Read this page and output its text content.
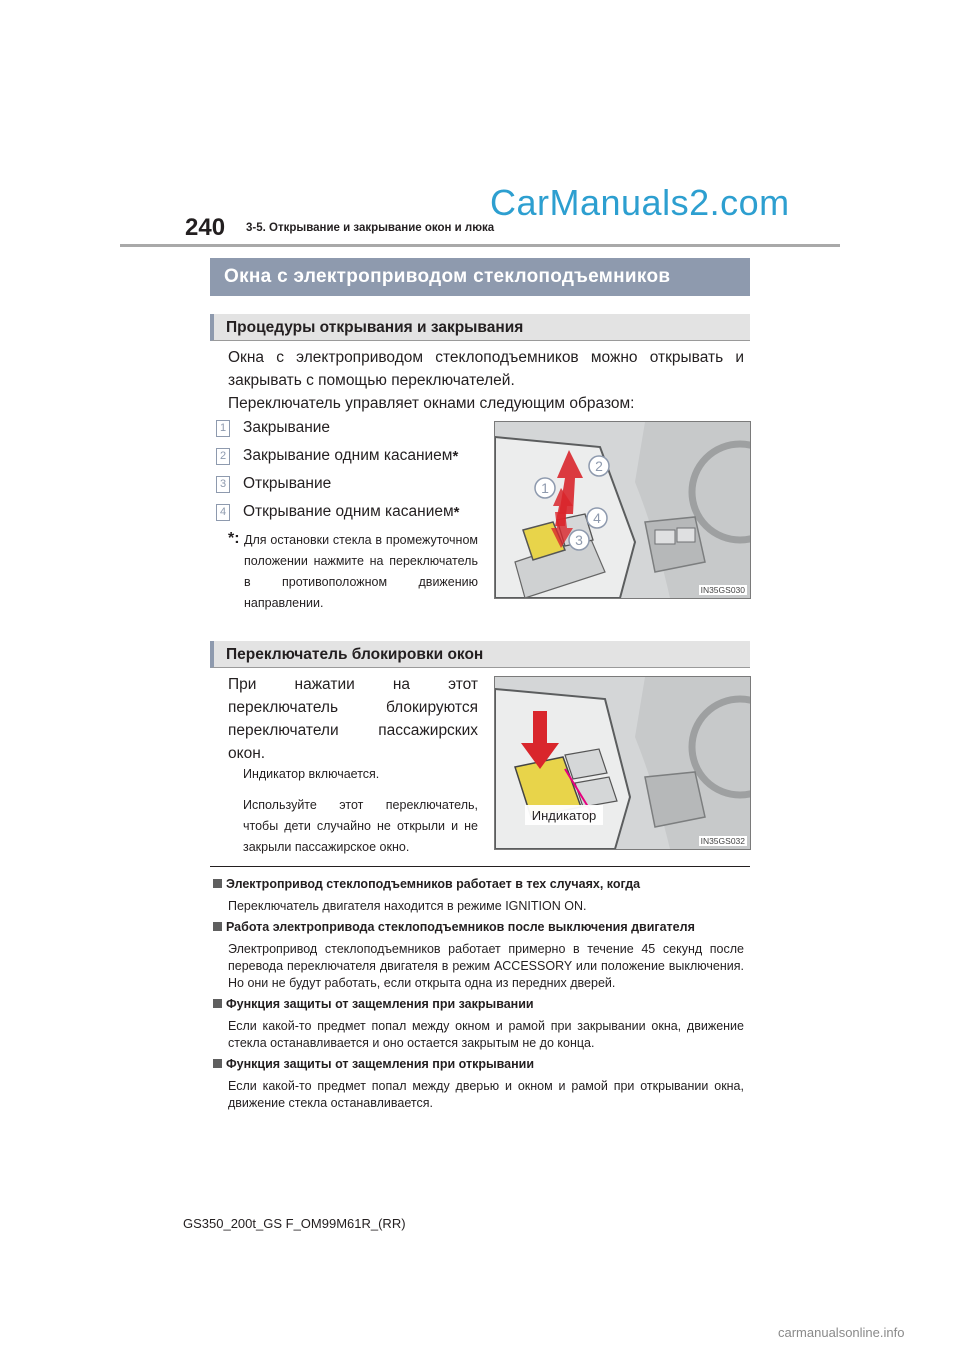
CarManuals2.com
240 3-5. Открывание и закрывание окон и люка
Окна с электроприводом стеклоподъемников
Процедуры открывания и закрывания
Окна с электроприводом стеклоподъемников можно открывать и закрывать с помощью переключателей.
Переключатель управляет окнами следующим образом:
1 Закрывание
2 Закрывание одним касанием *
3 Открывание
4 Открывание одним касанием *
*: Для остановки стекла в промежуточном положении нажмите на переключатель в противоположном движению направлении.
1
2
3
4
IN35GS030
Переключатель блокировки окон
При нажатии на этот переключатель блокируются переключатели пассажирских окон.
Индикатор включается.
Используйте этот переключатель, чтобы дети случайно не открыли и не закрыли пассажирское окно.
Индикатор
IN35GS032
Электропривод стеклоподъемников работает в тех случаях, когда
Переключатель двигателя находится в режиме IGNITION ON.
Работа электропривода стеклоподъемников после выключения двигателя
Электропривод стеклоподъемников работает примерно в течение 45 секунд после перевода переключателя двигателя в режим ACCESSORY или положение выключения. Но они не будут работать, если открыта одна из передних дверей.
Функция защиты от защемления при закрывании
Если какой-то предмет попал между окном и рамой при закрывании окна, движение стекла останавливается и оно остается закрытым не до конца.
Функция защиты от защемления при открывании
Если какой-то предмет попал между дверью и окном и рамой при открывании окна, движение стекла останавливается.
GS350_200t_GS F_OM99M61R_(RR)
carmanualsonline.info
